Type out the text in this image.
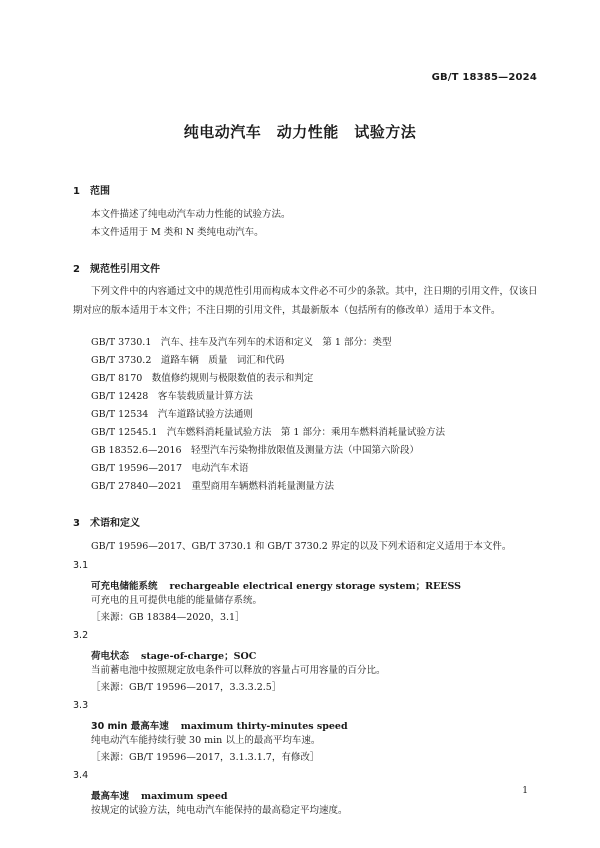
GB/T 18385—2024
纯电动汽车　动力性能　试验方法
1 范围
本文件描述了纯电动汽车动力性能的试验方法。
本文件适用于 M 类和 N 类纯电动汽车。
2 规范性引用文件
下列文件中的内容通过文中的规范性引用而构成本文件必不可少的条款。其中，注日期的引用文件，仅该日期对应的版本适用于本文件；不注日期的引用文件，其最新版本（包括所有的修改单）适用于本文件。
GB/T 3730.1　汽车、挂车及汽车列车的术语和定义　第 1 部分：类型
GB/T 3730.2　道路车辆　质量　词汇和代码
GB/T 8170　数值修约规则与极限数值的表示和判定
GB/T 12428　客车装载质量计算方法
GB/T 12534　汽车道路试验方法通则
GB/T 12545.1　汽车燃料消耗量试验方法　第 1 部分：乘用车燃料消耗量试验方法
GB 18352.6—2016　轻型汽车污染物排放限值及测量方法（中国第六阶段）
GB/T 19596—2017　电动汽车术语
GB/T 27840—2021　重型商用车辆燃料消耗量测量方法
3 术语和定义
GB/T 19596—2017、GB/T 3730.1 和 GB/T 3730.2 界定的以及下列术语和定义适用于本文件。
3.1
可充电储能系统 rechargeable electrical energy storage system；REESS
可充电的且可提供电能的能量储存系统。
［来源：GB 18384—2020，3.1］
3.2
荷电状态 stage-of-charge；SOC
当前蓄电池中按照规定放电条件可以释放的容量占可用容量的百分比。
［来源：GB/T 19596—2017，3.3.3.2.5］
3.3
30 min 最高车速 maximum thirty-minutes speed
纯电动汽车能持续行驶 30 min 以上的最高平均车速。
［来源：GB/T 19596—2017，3.1.3.1.7，有修改］
3.4
最高车速 maximum speed
按规定的试验方法，纯电动汽车能保持的最高稳定平均速度。
1
